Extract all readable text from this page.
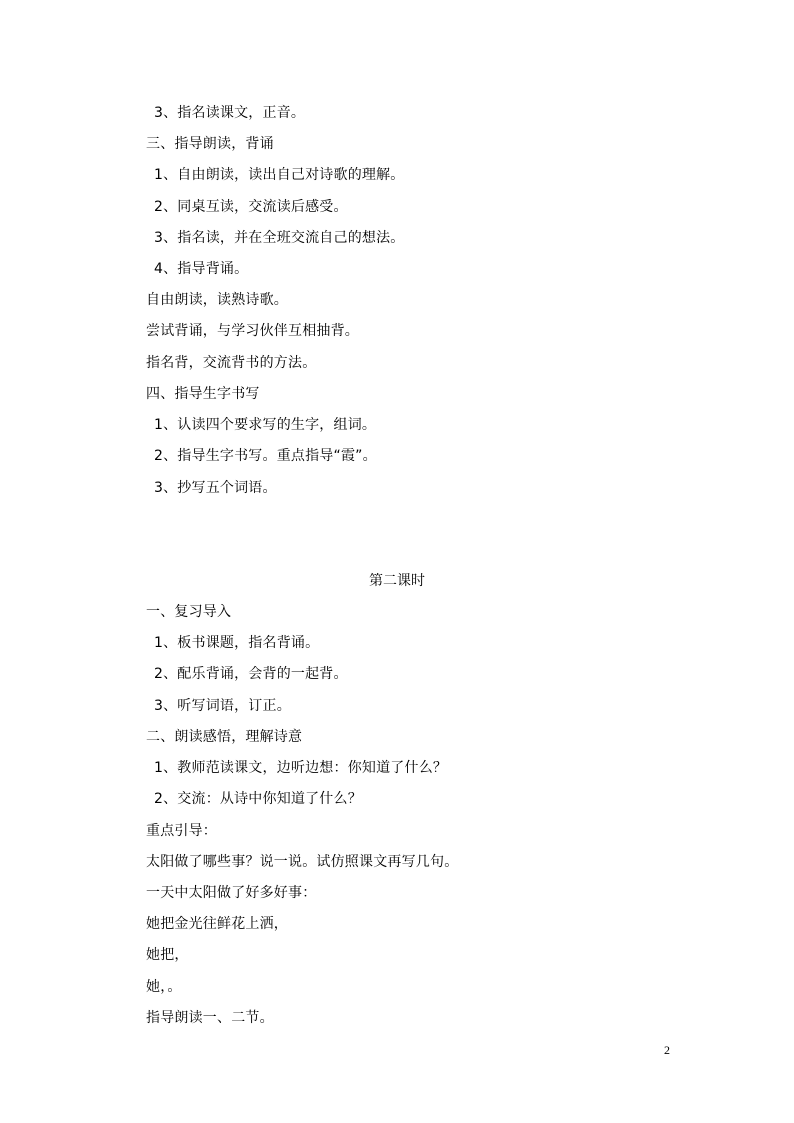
3、指名读课文，正音。
三、指导朗读，背诵
1、自由朗读，读出自己对诗歌的理解。
2、同桌互读，交流读后感受。
3、指名读，并在全班交流自己的想法。
4、指导背诵。
自由朗读，读熟诗歌。
尝试背诵，与学习伙伴互相抽背。
指名背，交流背书的方法。
四、指导生字书写
1、认读四个要求写的生字，组词。
2、指导生字书写。重点指导“霞”。
3、抄写五个词语。
第二课时
一、复习导入
1、板书课题，指名背诵。
2、配乐背诵，会背的一起背。
3、听写词语，订正。
二、朗读感悟，理解诗意
1、教师范读课文，边听边想：你知道了什么？
2、交流：从诗中你知道了什么？
重点引导：
太阳做了哪些事？说一说。试仿照课文再写几句。
一天中太阳做了好多好事：
她把金光往鲜花上洒，
她把，
她，。
指导朗读一、二节。
2
